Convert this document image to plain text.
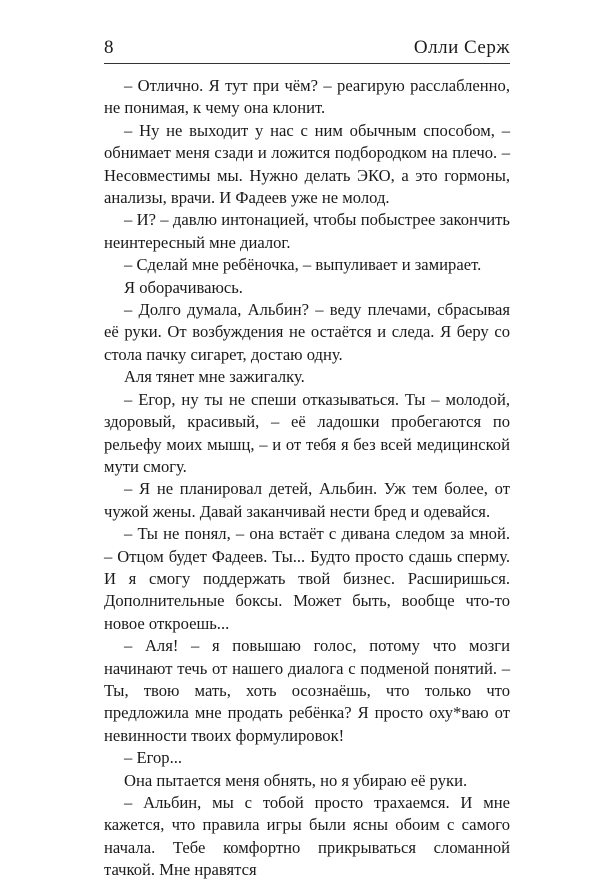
8	Олли Серж

– Отлично. Я тут при чём? – реагирую расслабленно, не понимая, к чему она клонит.

– Ну не выходит у нас с ним обычным способом, – обнимает меня сзади и ложится подбородком на плечо. – Несовместимы мы. Нужно делать ЭКО, а это гормоны, анализы, врачи. И Фадеев уже не молод.

– И? – давлю интонацией, чтобы побыстрее закончить неинтересный мне диалог.

– Сделай мне ребёночка, – выпуливает и замирает.

Я оборачиваюсь.

– Долго думала, Альбин? – веду плечами, сбрасывая её руки. От возбуждения не остаётся и следа. Я беру со стола пачку сигарет, достаю одну.

Аля тянет мне зажигалку.

– Егор, ну ты не спеши отказываться. Ты – молодой, здоровый, красивый, – её ладошки пробегаются по рельефу моих мышц, – и от тебя я без всей медицинской мути смогу.

– Я не планировал детей, Альбин. Уж тем более, от чужой жены. Давай заканчивай нести бред и одевайся.

– Ты не понял, – она встаёт с дивана следом за мной. – Отцом будет Фадеев. Ты... Будто просто сдашь сперму. И я смогу поддержать твой бизнес. Расширишься. Дополнительные боксы. Может быть, вообще что-то новое откроешь...

– Аля! – я повышаю голос, потому что мозги начинают течь от нашего диалога с подменой понятий. – Ты, твою мать, хоть осознаёшь, что только что предложила мне продать ребёнка? Я просто оху*ваю от невинности твоих формулировок!

– Егор...

Она пытается меня обнять, но я убираю её руки.

– Альбин, мы с тобой просто трахаемся. И мне кажется, что правила игры были ясны обоим с самого начала. Тебе комфортно прикрываться сломанной тачкой. Мне нравятся
